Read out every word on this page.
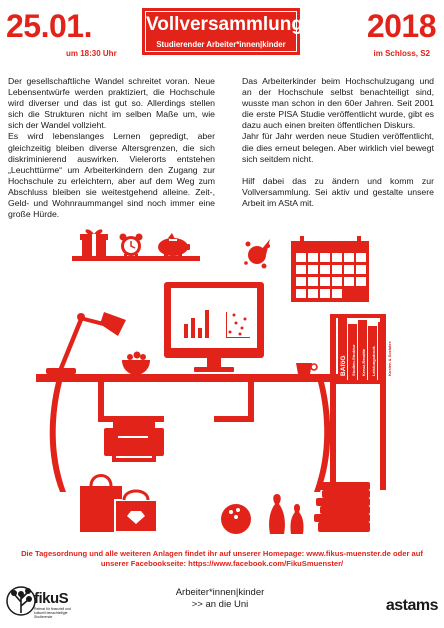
25.01.	2018
um 18:30 Uhr	im Schloss, S2
Vollversammlung
Studierender Arbeiter*innen|kinder

Der gesellschaftliche Wandel schreitet voran. Neue Lebensentwürfe werden praktiziert, die Hochschule wird diverser und das ist gut so. Allerdings stellen sich die Strukturen nicht im selben Maße um, wie sich der Wandel vollzieht.

Es wird lebenslanges Lernen gepredigt, aber gleichzeitig bleiben diverse Altersgrenzen, die sich diskriminierend auswirken. Vielerorts entstehen „Leuchttürme“ um Arbeiterkindern den Zugang zur Hochschule zu erleichtern, aber auf dem Weg zum Abschluss bleiben sie weitestgehend alleine. Zeit-, Geld- und Wohnraummangel sind noch immer eine große Hürde.

Das Arbeiterkinder beim Hochschulzugang und an der Hochschule selbst benachteiligt sind, wusste man schon in den 60er Jahren. Seit 2001 die erste PISA Studie veröffentlicht wurde, gibt es dazu auch einen breiten öffentlichen Diskurs.

Jahr für Jahr werden neue Studien veröffentlicht, die dies erneut belegen. Aber wirklich viel bewegt sich seitdem nicht.

Hilf dabei das zu ändern und komm zur Vollversammlung. Sei aktiv und gestalte unsere Arbeit im AStA mit.

BAföG Studien-Struktur Kreuz-Rendite Leistungsdruck	Kosten & Soziales
Die Tagesordnung und alle weiteren Anlagen findet ihr auf unserer Homepage: www.fikus-muenster.de oder auf
unserer Facebookseite: https://www.facebook.com/FikuSmuenster/
fikuS
Referat für finanziell und kulturell benachteiligte Studierende
Arbeiter*innen|kinder
>> an die Uni	astams
